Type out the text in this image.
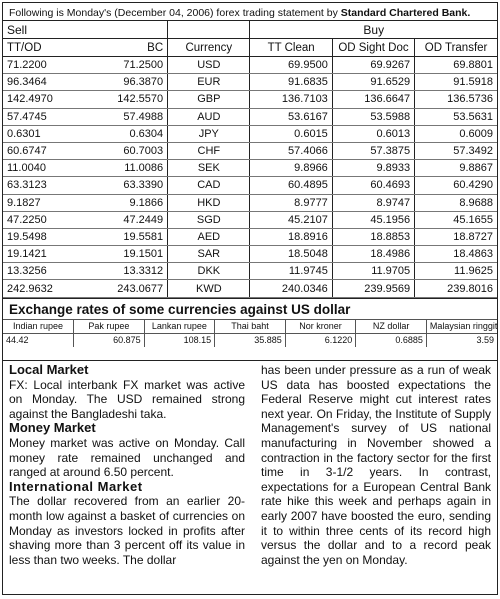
Following is Monday's (December 04, 2006) forex trading statement by Standard Chartered Bank.
Sell			Buy		
TT/OD	BC	Currency	TT Clean	OD Sight Doc	OD Transfer
71.2200	71.2500	USD	69.9500	69.9267	69.8801
96.3464	96.3870	EUR	91.6835	91.6529	91.5918
142.4970	142.5570	GBP	136.7103	136.6647	136.5736
57.4745	57.4988	AUD	53.6167	53.5988	53.5631
0.6301	0.6304	JPY	0.6015	0.6013	0.6009
60.6747	60.7003	CHF	57.4066	57.3875	57.3492
11.0040	11.0086	SEK	9.8966	9.8933	9.8867
63.3123	63.3390	CAD	60.4895	60.4693	60.4290
9.1827	9.1866	HKD	8.9777	8.9747	8.9688
47.2250	47.2449	SGD	45.2107	45.1956	45.1655
19.5498	19.5581	AED	18.8916	18.8853	18.8727
19.1421	19.1501	SAR	18.5048	18.4986	18.4863
13.3256	13.3312	DKK	11.9745	11.9705	11.9625
242.9632	243.0677	KWD	240.0346	239.9569	239.8016
Exchange rates of some currencies against US dollar
Indian rupee	Pak rupee	Lankan rupee	Thai baht	Nor kroner	NZ dollar	Malaysian ringgit
44.42	60.875	108.15	35.885	6.1220	0.6885	3.59
Local Market
FX: Local interbank FX market was active on Monday. The USD remained strong against the Bangladeshi taka.
Money Market
Money market was active on Monday. Call money rate remained unchanged and ranged at around 6.50 percent.
International Market
The dollar recovered from an earlier 20-month low against a basket of currencies on Monday as investors locked in profits after shaving more than 3 percent off its value in less than two weeks. The dollar
has been under pressure as a run of weak US data has boosted expectations the Federal Reserve might cut interest rates next year. On Friday, the Institute of Supply Management's survey of US national manufacturing in November showed a contraction in the factory sector for the first time in 3-1/2 years. In contrast, expectations for a European Central Bank rate hike this week and perhaps again in early 2007 have boosted the euro, sending it to within three cents of its record high versus the dollar and to a record peak against the yen on Monday.
